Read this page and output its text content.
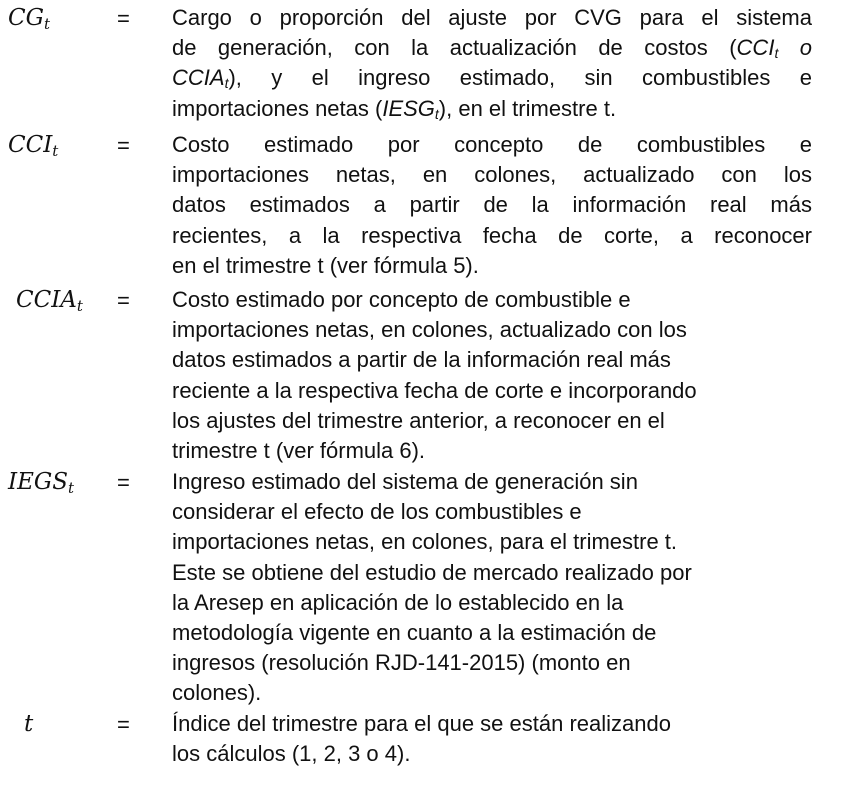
$CG_t$	= Cargo o proporción del ajuste por CVG para el sistema
de generación, con la actualización de costos ($CCI_t$ o
$CCIA_t$), y el ingreso estimado, sin combustibles e
importaciones netas $(IESG_t)$, en el trimestre t.
$CCI_t$	= Costo estimado por concepto de combustibles e
importaciones netas, en colones, actualizado con los
datos estimados a partir de la información real más
recientes, a la respectiva fecha de corte, a reconocer
en el trimestre t (ver fórmula 5).
$CCIA_t$ = Costo estimado por concepto de combustible e
importaciones netas, en colones, actualizado con los
datos estimados a partir de la información real más
reciente a la respectiva fecha de corte e incorporando
los ajustes del trimestre anterior, a reconocer en el
trimestre t (ver fórmula 6).
$IEGS_t$ = Ingreso estimado del sistema de generación sin
considerar el efecto de los combustibles e
importaciones netas, en colones, para el trimestre t.
Este se obtiene del estudio de mercado realizado por
la Aresep en aplicación de lo establecido en la
metodología vigente en cuanto a la estimación de
ingresos (resolución RJD-141-2015) (monto en
colones).
t	= Índice del trimestre para el que se están realizando
los cálculos (1, 2, 3 o 4).
